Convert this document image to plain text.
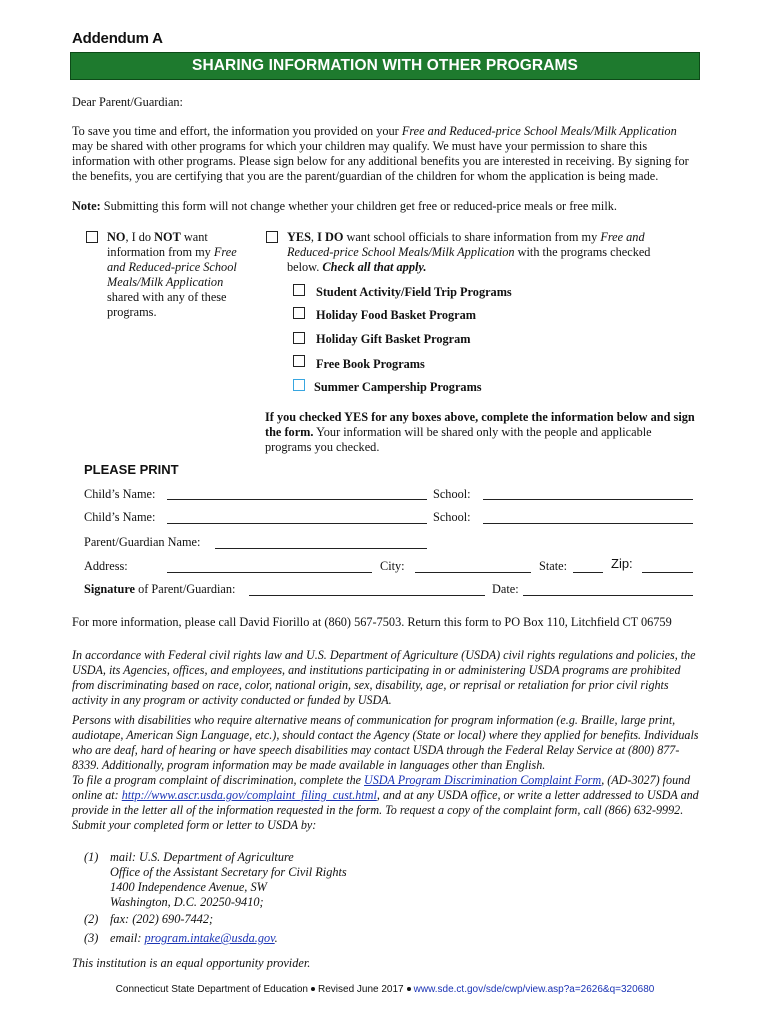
Addendum A
SHARING INFORMATION WITH OTHER PROGRAMS
Dear Parent/Guardian:
To save you time and effort, the information you provided on your Free and Reduced-price School Meals/Milk Application may be shared with other programs for which your children may qualify. We must have your permission to share this information with other programs. Please sign below for any additional benefits you are interested in receiving. By signing for the benefits, you are certifying that you are the parent/guardian of the children for whom the application is being made.
Note: Submitting this form will not change whether your children get free or reduced-price meals or free milk.
NO, I do NOT want information from my Free and Reduced-price School Meals/Milk Application shared with any of these programs.
YES, I DO want school officials to share information from my Free and Reduced-price School Meals/Milk Application with the programs checked below. Check all that apply.
Student Activity/Field Trip Programs
Holiday Food Basket Program
Holiday Gift Basket Program
Free Book Programs
Summer Campership Programs
If you checked YES for any boxes above, complete the information below and sign the form. Your information will be shared only with the people and applicable programs you checked.
PLEASE PRINT
Child’s Name:	School:
Child’s Name:	School:
Parent/Guardian Name:
Address:	City:	State:	Zip:
Signature of Parent/Guardian:	Date:
For more information, please call David Fiorillo at (860) 567-7503. Return this form to PO Box 110, Litchfield CT 06759
In accordance with Federal civil rights law and U.S. Department of Agriculture (USDA) civil rights regulations and policies, the USDA, its Agencies, offices, and employees, and institutions participating in or administering USDA programs are prohibited from discriminating based on race, color, national origin, sex, disability, age, or reprisal or retaliation for prior civil rights activity in any program or activity conducted or funded by USDA.
Persons with disabilities who require alternative means of communication for program information (e.g. Braille, large print, audiotape, American Sign Language, etc.), should contact the Agency (State or local) where they applied for benefits. Individuals who are deaf, hard of hearing or have speech disabilities may contact USDA through the Federal Relay Service at (800) 877-8339. Additionally, program information may be made available in languages other than English.
To file a program complaint of discrimination, complete the USDA Program Discrimination Complaint Form, (AD-3027) found online at: http://www.ascr.usda.gov/complaint_filing_cust.html, and at any USDA office, or write a letter addressed to USDA and provide in the letter all of the information requested in the form. To request a copy of the complaint form, call (866) 632-9992. Submit your completed form or letter to USDA by:
(1) mail: U.S. Department of Agriculture
Office of the Assistant Secretary for Civil Rights
1400 Independence Avenue, SW
Washington, D.C. 20250-9410;
(2) fax: (202) 690-7442;
(3) email: program.intake@usda.gov.
This institution is an equal opportunity provider.
Connecticut State Department of Education Revised June 2017 www.sde.ct.gov/sde/cwp/view.asp?a=2626&q=320680
